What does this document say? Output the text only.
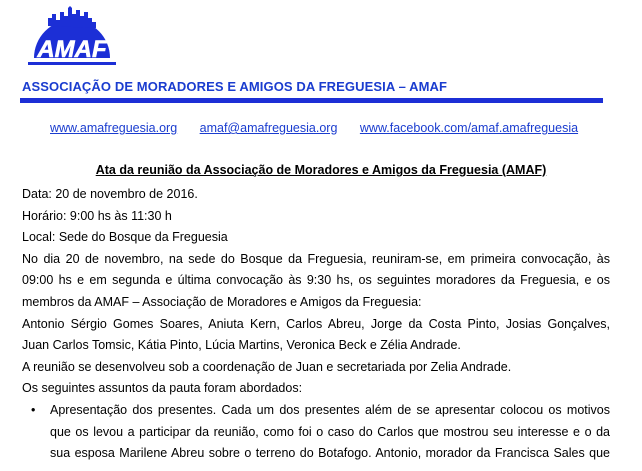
AMAF
ASSOCIAÇÃO DE MORADORES E AMIGOS DA FREGUESIA – AMAF
www.amafreguesia.org amaf@amafreguesia.org www.facebook.com/amaf.amafreguesia
Ata da reunião da Associação de Moradores e Amigos da Freguesia (AMAF)

Data: 20 de novembro de 2016.

Horário: 9:00 hs às 11:30 h

Local: Sede do Bosque da Freguesia

No dia 20 de novembro, na sede do Bosque da Freguesia, reuniram-se, em primeira convocação, às

09:00 hs e em segunda e última convocação às 9:30 hs, os seguintes moradores da Freguesia, e os

membros da AMAF – Associação de Moradores e Amigos da Freguesia:

Antonio Sérgio Gomes Soares, Aniuta Kern, Carlos Abreu, Jorge da Costa Pinto, Josias Gonçalves,

Juan Carlos Tomsic, Kátia Pinto, Lúcia Martins, Veronica Beck e Zélia Andrade.

A reunião se desenvolveu sob a coordenação de Juan e secretariada por Zelia Andrade.

Os seguintes assuntos da pauta foram abordados:

• Apresentação dos presentes. Cada um dos presentes além de se apresentar colocou os motivos

que os levou a participar da reunião, como foi o caso do Carlos que mostrou seu interesse e o da

sua esposa Marilene Abreu sobre o terreno do Botafogo. Antonio, morador da Francisca Sales que
